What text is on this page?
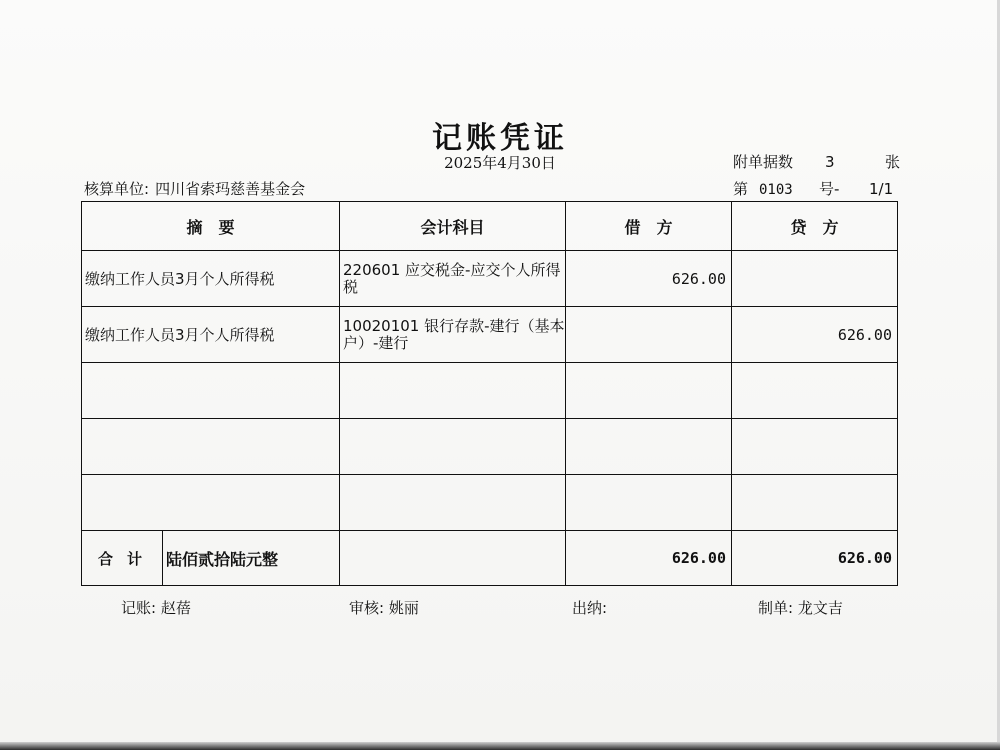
记账凭证
2025年4月30日	附单据数 3	张
核算单位: 四川省索玛慈善基金会	第 0103 号- 1/1
摘　要	会计科目	借　方	贷　方
缴纳工作人员3月个人所得税	220601 应交税金-应交个人所得税	626.00	
缴纳工作人员3月个人所得税	10020101 银行存款-建行（基本户）-建行		626.00

合计 陆佰贰拾陆元整		626.00	626.00
记账: 赵蓓	审核: 姚丽	出纳:	制单: 龙文吉
